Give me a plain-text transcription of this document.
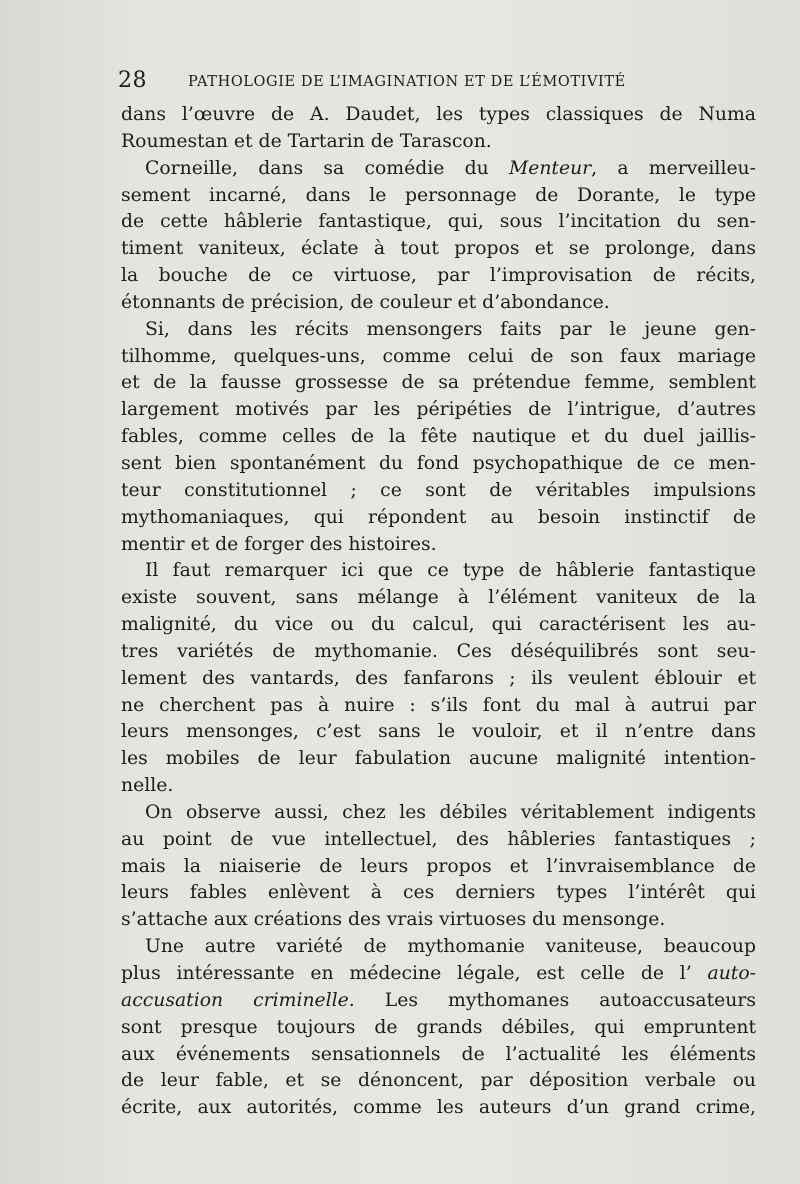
28	PATHOLOGIE DE L’IMAGINATION ET DE L’ÉMOTIVITÉ
dans l’œuvre de A. Daudet, les types classiques de Numa
Roumestan et de Tartarin de Tarascon.
Corneille, dans sa comédie du Menteur, a merveilleu-
sement incarné, dans le personnage de Dorante, le type
de cette hâblerie fantastique, qui, sous l’incitation du sen-
timent vaniteux, éclate à tout propos et se prolonge, dans
la bouche de ce virtuose, par l’improvisation de récits,
étonnants de précision, de couleur et d’abondance.
Si, dans les récits mensongers faits par le jeune gen-
tilhomme, quelques-uns, comme celui de son faux mariage
et de la fausse grossesse de sa prétendue femme, semblent
largement motivés par les péripéties de l’intrigue, d’autres
fables, comme celles de la fête nautique et du duel jaillis-
sent bien spontanément du fond psychopathique de ce men-
teur constitutionnel ; ce sont de véritables impulsions
mythomaniaques, qui répondent au besoin instinctif de
mentir et de forger des histoires.
Il faut remarquer ici que ce type de hâblerie fantastique
existe souvent, sans mélange à l’élément vaniteux de la
malignité, du vice ou du calcul, qui caractérisent les au-
tres variétés de mythomanie. Ces déséquilibrés sont seu-
lement des vantards, des fanfarons ; ils veulent éblouir et
ne cherchent pas à nuire : s’ils font du mal à autrui par
leurs mensonges, c’est sans le vouloir, et il n’entre dans
les mobiles de leur fabulation aucune malignité intention-
nelle.
On observe aussi, chez les débiles véritablement indigents
au point de vue intellectuel, des hâbleries fantastiques ;
mais la niaiserie de leurs propos et l’invraisemblance de
leurs fables enlèvent à ces derniers types l’intérêt qui
s’attache aux créations des vrais virtuoses du mensonge.
Une autre variété de mythomanie vaniteuse, beaucoup
plus intéressante en médecine légale, est celle de l’ auto-
accusation criminelle. Les mythomanes autoaccusateurs
sont presque toujours de grands débiles, qui empruntent
aux événements sensationnels de l’actualité les éléments
de leur fable, et se dénoncent, par déposition verbale ou
écrite, aux autorités, comme les auteurs d’un grand crime,
